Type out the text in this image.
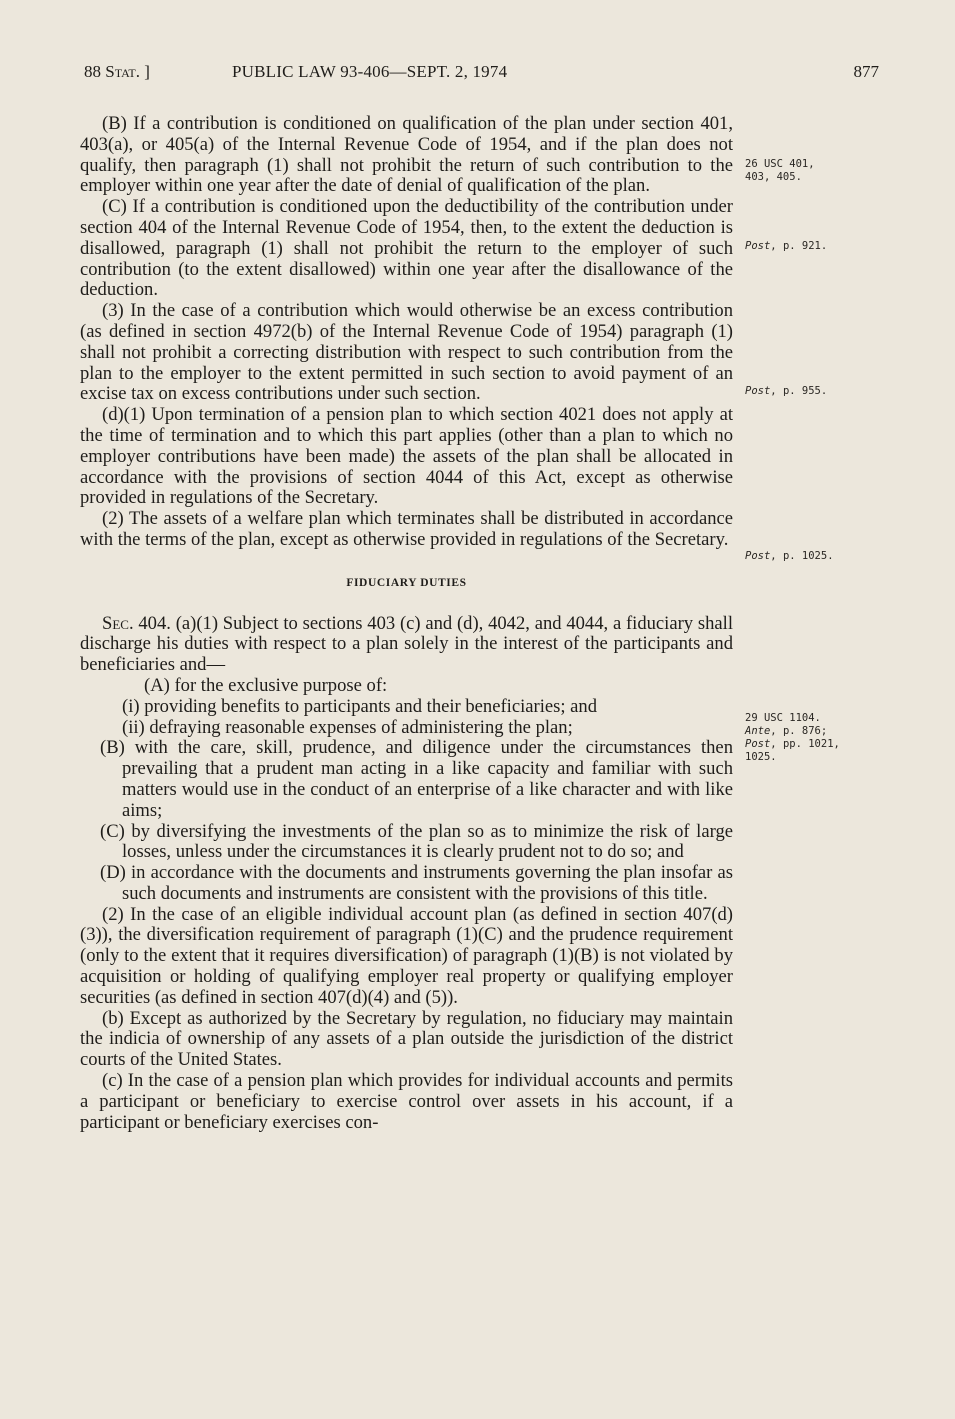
88 Stat. ]	PUBLIC LAW 93-406—SEPT. 2, 1974	877

(B) If a contribution is conditioned on qualification of the plan under section 401, 403(a), or 405(a) of the Internal Revenue Code of 1954, and if the plan does not qualify, then paragraph (1) shall not prohibit the return of such contribution to the employer within one year after the date of denial of qualification of the plan.

(C) If a contribution is conditioned upon the deductibility of the contribution under section 404 of the Internal Revenue Code of 1954, then, to the extent the deduction is disallowed, paragraph (1) shall not prohibit the return to the employer of such contribution (to the extent disallowed) within one year after the disallowance of the deduction.

(3) In the case of a contribution which would otherwise be an excess contribution (as defined in section 4972(b) of the Internal Revenue Code of 1954) paragraph (1) shall not prohibit a correcting distribution with respect to such contribution from the plan to the employer to the extent permitted in such section to avoid payment of an excise tax on excess contributions under such section.

(d)(1) Upon termination of a pension plan to which section 4021 does not apply at the time of termination and to which this part applies (other than a plan to which no employer contributions have been made) the assets of the plan shall be allocated in accordance with the provisions of section 4044 of this Act, except as otherwise provided in regulations of the Secretary.

(2) The assets of a welfare plan which terminates shall be distributed in accordance with the terms of the plan, except as otherwise provided in regulations of the Secretary.

FIDUCIARY DUTIES

Sec. 404. (a)(1) Subject to sections 403 (c) and (d), 4042, and 4044, a fiduciary shall discharge his duties with respect to a plan solely in the interest of the participants and beneficiaries and—

(A) for the exclusive purpose of:

(i) providing benefits to participants and their beneficiaries; and

(ii) defraying reasonable expenses of administering the plan;

(B) with the care, skill, prudence, and diligence under the circumstances then prevailing that a prudent man acting in a like capacity and familiar with such matters would use in the conduct of an enterprise of a like character and with like aims;

(C) by diversifying the investments of the plan so as to minimize the risk of large losses, unless under the circumstances it is clearly prudent not to do so; and

(D) in accordance with the documents and instruments governing the plan insofar as such documents and instruments are consistent with the provisions of this title.

(2) In the case of an eligible individual account plan (as defined in section 407(d)(3)), the diversification requirement of paragraph (1)(C) and the prudence requirement (only to the extent that it requires diversification) of paragraph (1)(B) is not violated by acquisition or holding of qualifying employer real property or qualifying employer securities (as defined in section 407(d)(4) and (5)).

(b) Except as authorized by the Secretary by regulation, no fiduciary may maintain the indicia of ownership of any assets of a plan outside the jurisdiction of the district courts of the United States.

(c) In the case of a pension plan which provides for individual accounts and permits a participant or beneficiary to exercise control over assets in his account, if a participant or beneficiary exercises con-

26 USC 401,
403, 405.
Post, p. 921.
Post, p. 955.
Post, p. 1025.
29 USC 1104.
Ante, p. 876;
Post, pp. 1021,
1025.
